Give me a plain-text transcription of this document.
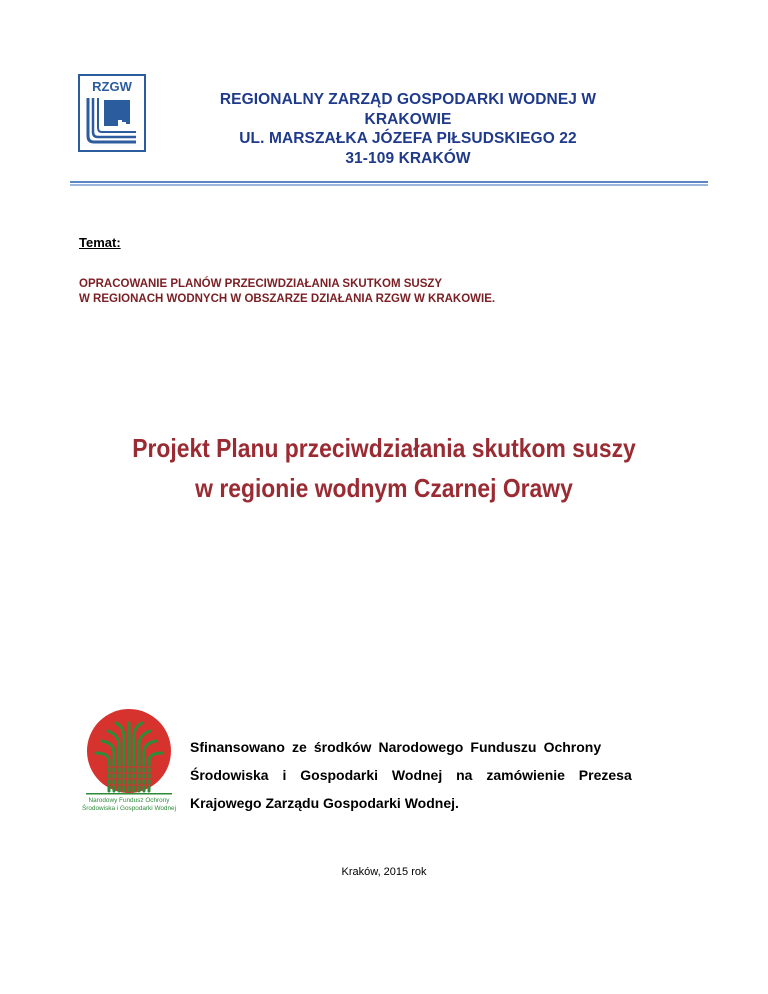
RZGW
REGIONALNY ZARZĄD GOSPODARKI WODNEJ W
KRAKOWIE
UL. MARSZAŁKA JÓZEFA PIŁSUDSKIEGO 22
31-109 KRAKÓW
Temat:
OPRACOWANIE PLANÓW PRZECIWDZIAŁANIA SKUTKOM SUSZY
W REGIONACH WODNYCH W OBSZARZE DZIAŁANIA RZGW W KRAKOWIE.
Projekt Planu przeciwdziałania skutkom suszy
w regionie wodnym Czarnej Orawy
Narodowy Fundusz Ochrony
Środowiska i Gospodarki Wodnej
Sfinansowano ze środków Narodowego Funduszu Ochrony
Środowiska i Gospodarki Wodnej na zamówienie Prezesa
Krajowego Zarządu Gospodarki Wodnej.
Kraków, 2015 rok
